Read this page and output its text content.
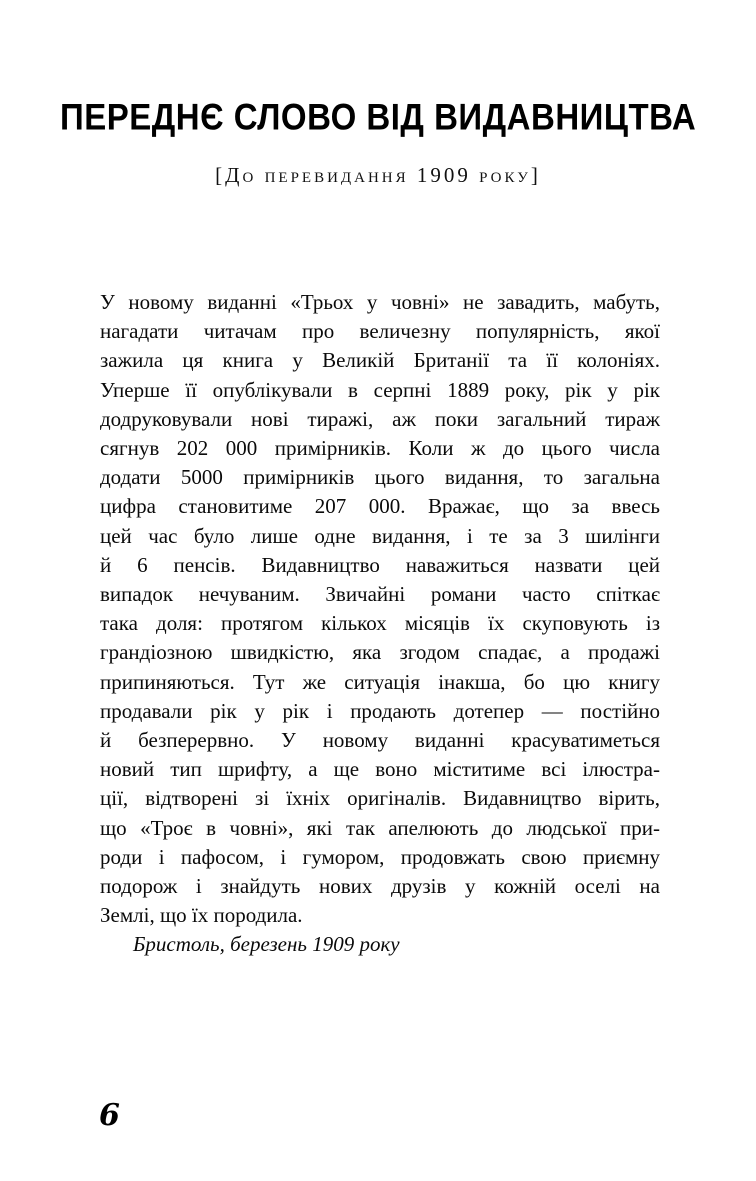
ПЕРЕДНЄ СЛОВО ВІД ВИДАВНИЦТВА
[До перевидання 1909 року]
У новому виданні «Трьох у човні» не завадить, мабуть,
нагадати читачам про величезну популярність, якої
зажила ця книга у Великій Британії та її колоніях.
Уперше її опублікували в серпні 1889 року, рік у рік
додруковували нові тиражі, аж поки загальний тираж
сягнув 202 000 примірників. Коли ж до цього числа
додати 5000 примірників цього видання, то загальна
цифра становитиме 207 000. Вражає, що за ввесь
цей час було лише одне видання, і те за 3 шилінги
й 6 пенсів. Видавництво наважиться назвати цей
випадок нечуваним. Звичайні романи часто спіткає
така доля: протягом кількох місяців їх скуповують із
грандіозною швидкістю, яка згодом спадає, а продажі
припиняються. Тут же ситуація інакша, бо цю книгу
продавали рік у рік і продають дотепер — постійно
й безперервно. У новому виданні красуватиметься
новий тип шрифту, а ще воно міститиме всі ілюстра-
ції, відтворені зі їхніх оригіналів. Видавництво вірить,
що «Троє в човні», які так апелюють до людської при-
роди і пафосом, і гумором, продовжать свою приємну
подорож і знайдуть нових друзів у кожній оселі на
Землі, що їх породила.
Бристоль, березень 1909 року
6
